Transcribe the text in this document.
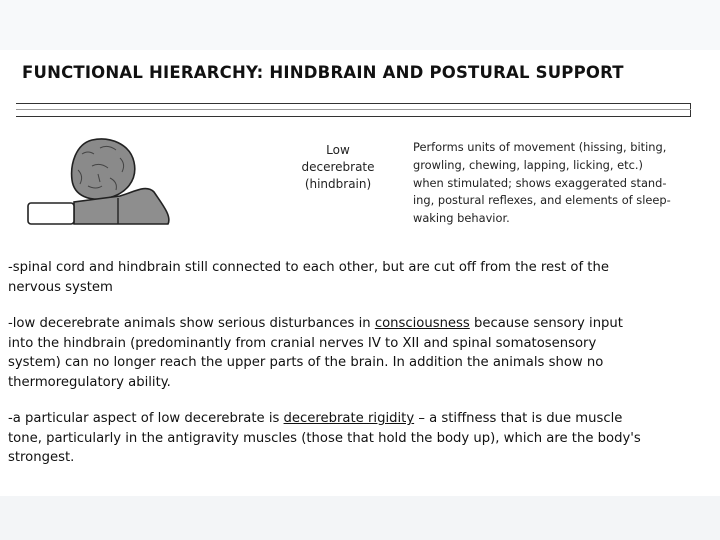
FUNCTIONAL HIERARCHY: HINDBRAIN AND POSTURAL SUPPORT
Low
decerebrate
(hindbrain)
Performs units of movement (hissing, biting,
growling, chewing, lapping, licking, etc.)
when stimulated; shows exaggerated stand-
ing, postural reflexes, and elements of sleep-
waking behavior.
-spinal cord and hindbrain still connected to each other, but are cut off from the rest of the
nervous system
-low decerebrate animals show serious disturbances in consciousness because sensory input
into the hindbrain (predominantly from cranial nerves IV to XII and spinal somatosensory
system) can no longer reach the upper parts of the brain. In addition the animals show no
thermoregulatory ability.
-a particular aspect of low decerebrate is decerebrate rigidity – a stiffness that is due muscle
tone, particularly in the antigravity muscles (those that hold the body up), which are the body's
strongest.
